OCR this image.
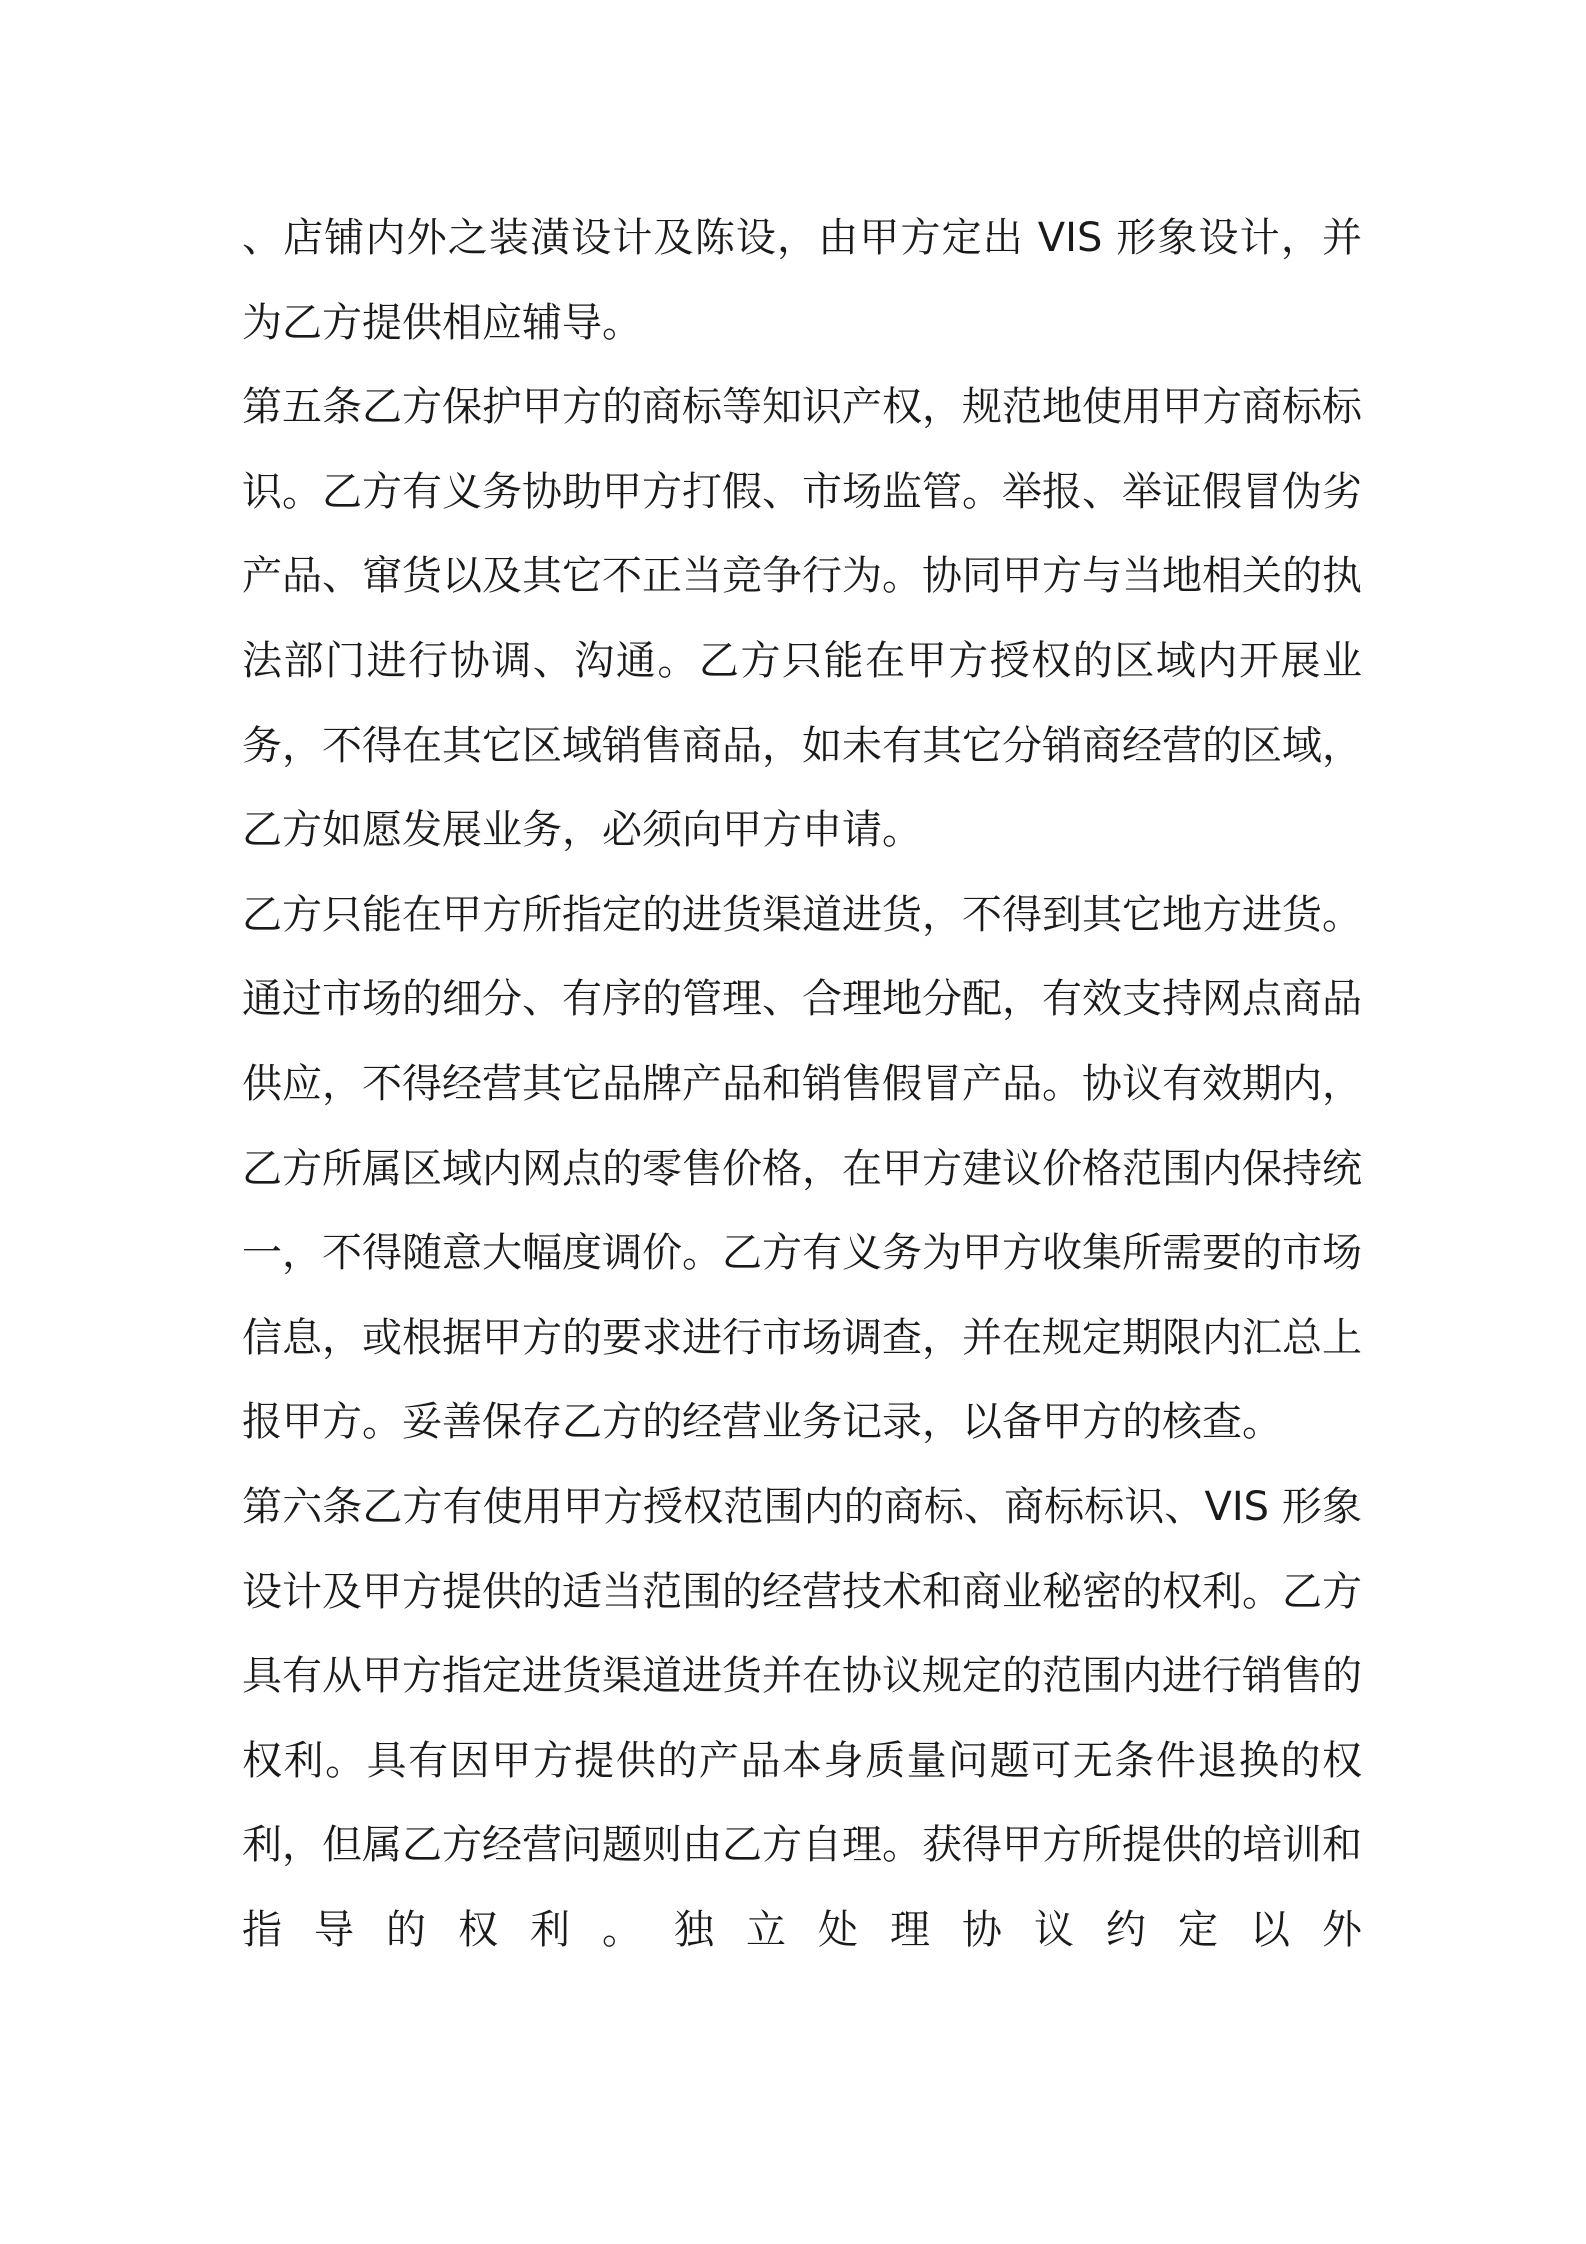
、店铺内外之装潢设计及陈设，由甲方定出 VIS 形象设计，并为乙方提供相应辅导。

第五条乙方保护甲方的商标等知识产权，规范地使用甲方商标标识。乙方有义务协助甲方打假、市场监管。举报、举证假冒伪劣产品、窜货以及其它不正当竞争行为。协同甲方与当地相关的执法部门进行协调、沟通。乙方只能在甲方授权的区域内开展业务，不得在其它区域销售商品，如未有其它分销商经营的区域，乙方如愿发展业务，必须向甲方申请。

乙方只能在甲方所指定的进货渠道进货，不得到其它地方进货。通过市场的细分、有序的管理、合理地分配，有效支持网点商品供应，不得经营其它品牌产品和销售假冒产品。协议有效期内，乙方所属区域内网点的零售价格，在甲方建议价格范围内保持统一，不得随意大幅度调价。乙方有义务为甲方收集所需要的市场信息，或根据甲方的要求进行市场调查，并在规定期限内汇总上报甲方。妥善保存乙方的经营业务记录，以备甲方的核查。

第六条乙方有使用甲方授权范围内的商标、商标标识、VIS 形象设计及甲方提供的适当范围的经营技术和商业秘密的权利。乙方具有从甲方指定进货渠道进货并在协议规定的范围内进行销售的权利。具有因甲方提供的产品本身质量问题可无条件退换的权利，但属乙方经营问题则由乙方自理。获得甲方所提供的培训和指导的权利。独立处理协议约定以外
